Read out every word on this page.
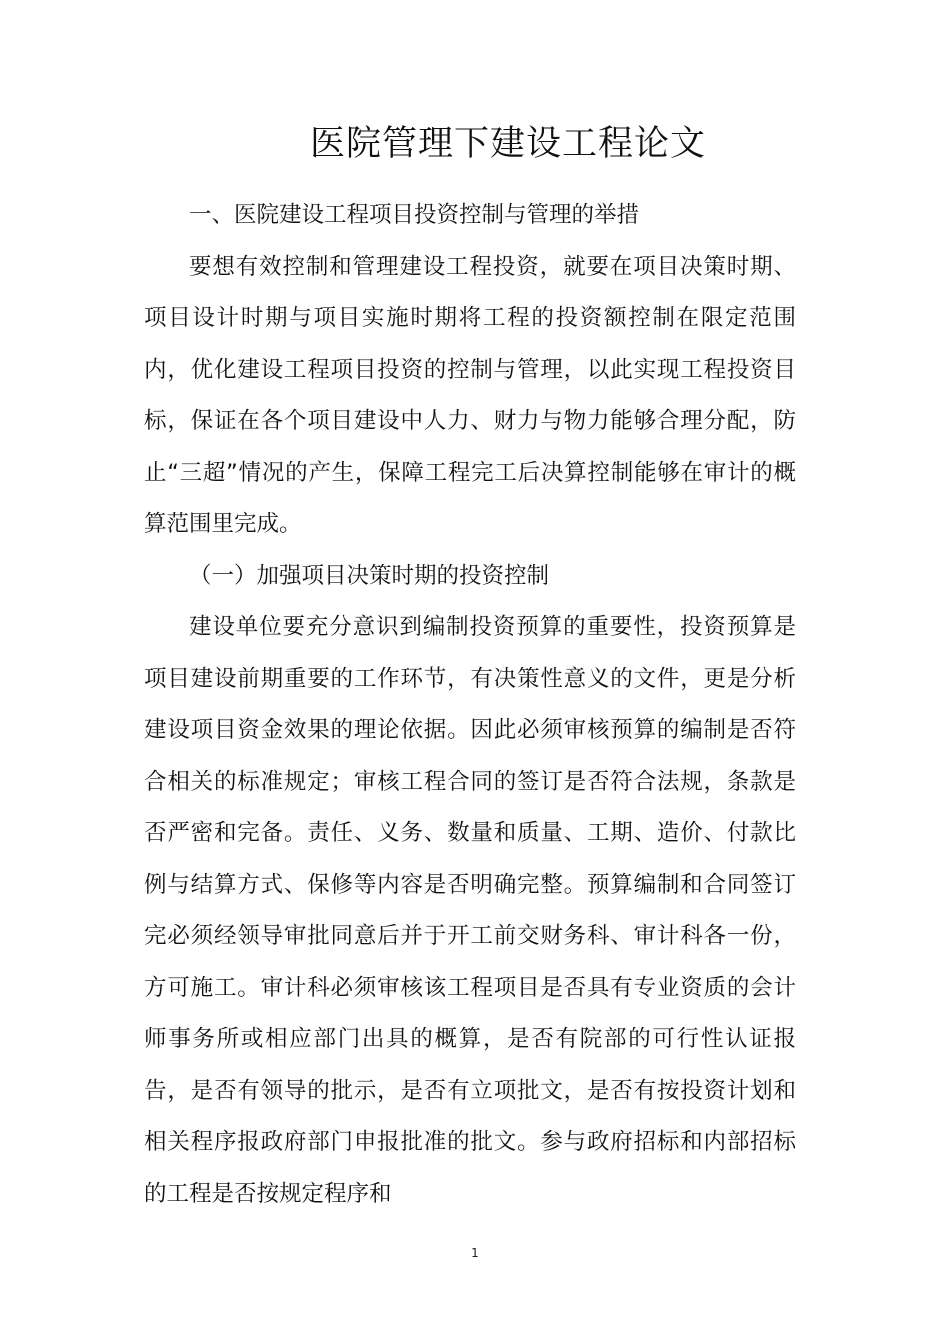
医院管理下建设工程论文

一、医院建设工程项目投资控制与管理的举措

要想有效控制和管理建设工程投资，就要在项目决策时期、项目设计时期与项目实施时期将工程的投资额控制在限定范围内，优化建设工程项目投资的控制与管理，以此实现工程投资目标，保证在各个项目建设中人力、财力与物力能够合理分配，防止“三超”情况的产生，保障工程完工后决算控制能够在审计的概算范围里完成。

（一）加强项目决策时期的投资控制

建设单位要充分意识到编制投资预算的重要性，投资预算是项目建设前期重要的工作环节，有决策性意义的文件，更是分析建设项目资金效果的理论依据。因此必须审核预算的编制是否符合相关的标准规定；审核工程合同的签订是否符合法规，条款是否严密和完备。责任、义务、数量和质量、工期、造价、付款比例与结算方式、保修等内容是否明确完整。预算编制和合同签订完必须经领导审批同意后并于开工前交财务科、审计科各一份，方可施工。审计科必须审核该工程项目是否具有专业资质的会计师事务所或相应部门出具的概算，是否有院部的可行性认证报告，是否有领导的批示，是否有立项批文，是否有按投资计划和相关程序报政府部门申报批准的批文。参与政府招标和内部招标的工程是否按规定程序和

1
